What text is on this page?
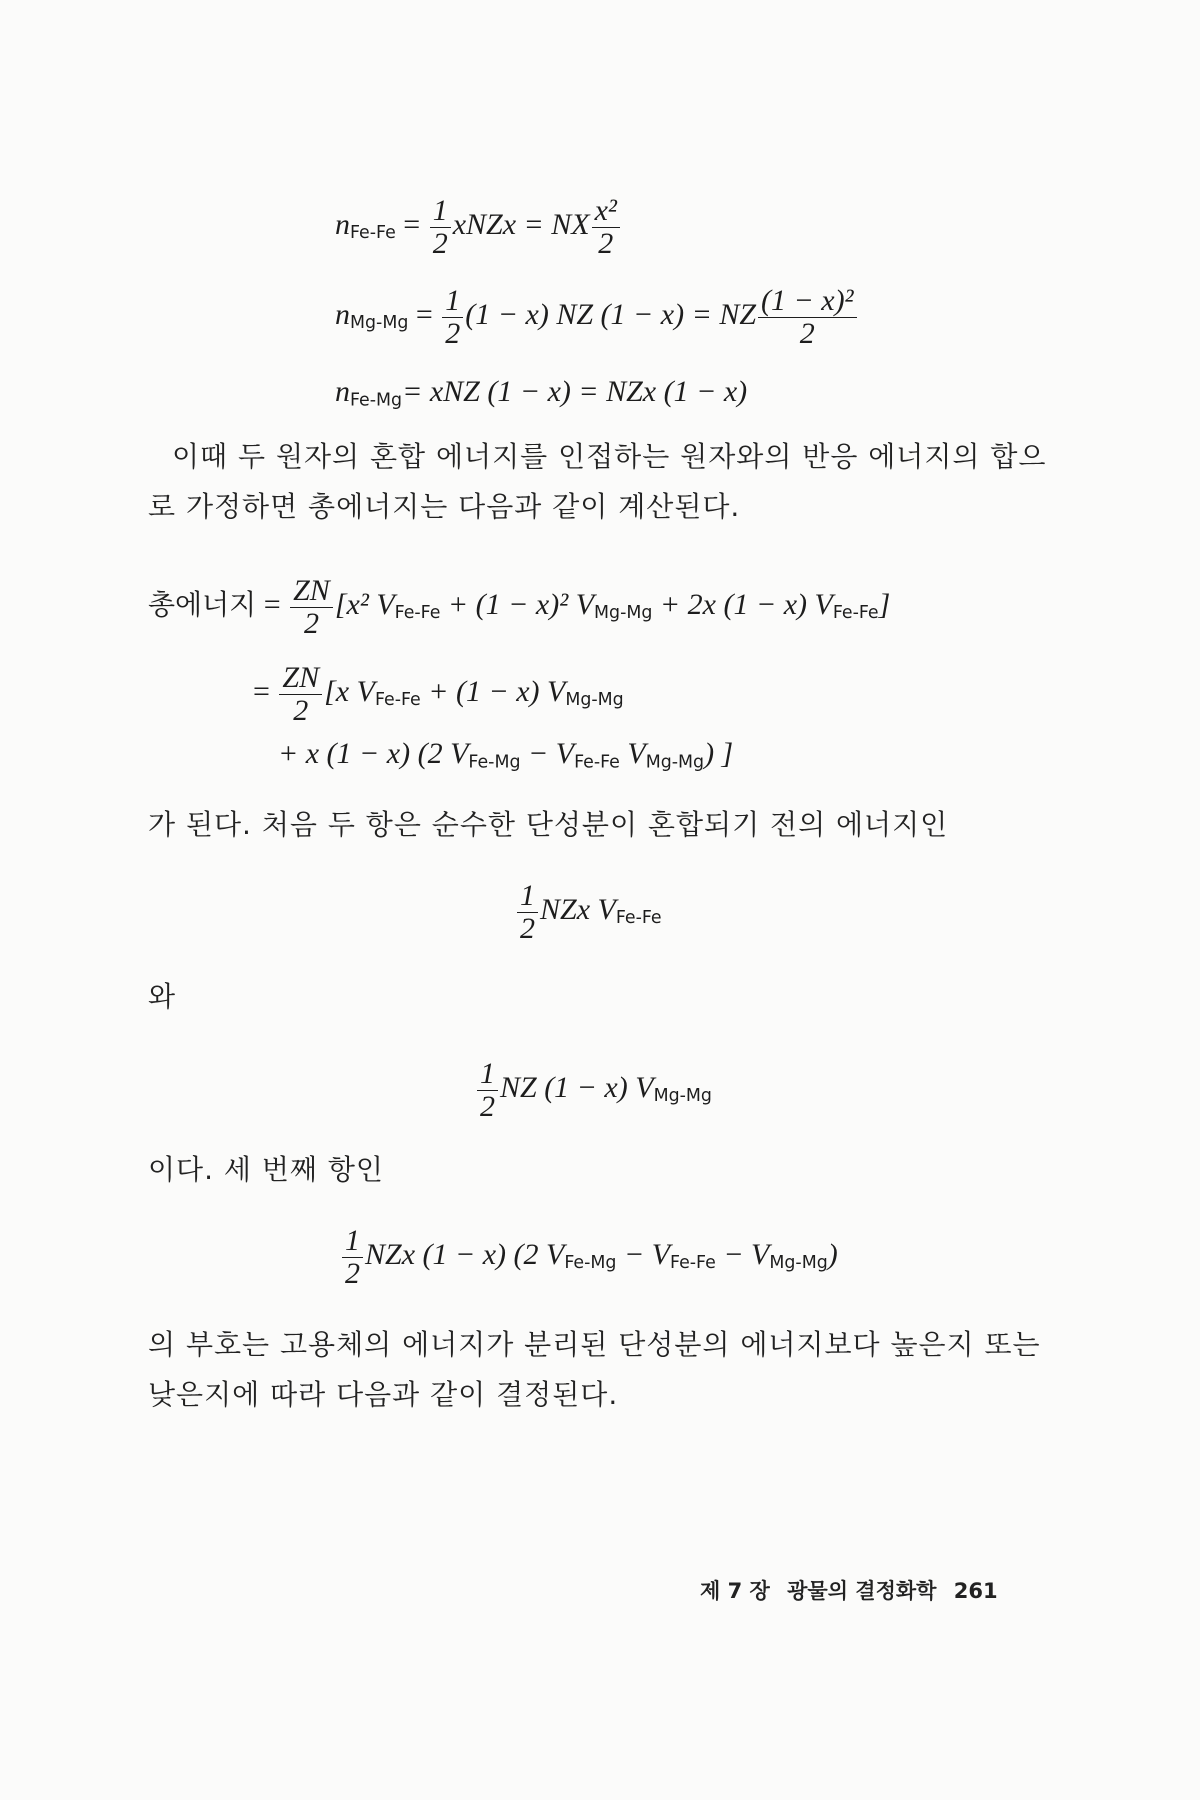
$n_{Fe-Fe} = \frac{1}{2}$ xNZx = NX $\frac{\text{x²}}{2}$
$n_{Mg-Mg} = \frac{1}{2} (1 - x)$ NZ (1 − x) = NZ $\frac{\text{(1 − x)²}}{2}$
$n_{Fe-Mg}=$ xNZ (1 − x) = NZx (1 − x)
이때 두 원자의 혼합 에너지를 인접하는 원자와의 반응 에너지의 합으로 가정하면 총에너지는 다음과 같이 계산된다.
총에너지 = $\frac{ZN}{2} [x^2$ $V_{Fe-Fe} + (1 - x)^2$ $V_{Mg-Mg} + 2x$ (1 − x) $V_{Fe-Fe}$]
= $\frac{ZN}{2} [x$ $V_{Fe-Fe} + (1 - x)$ $V_{Mg-Mg}$
+ x (1 − x) (2 $V_{Fe-Mg} - V_{Fe-Fe}$ $V_{Mg-Mg}$) ]
가 된다. 처음 두 항은 순수한 단성분이 혼합되기 전의 에너지인
$\frac{1}{2}$ NZx $V_{Fe-Fe}$
와
$\frac{1}{2}$ NZ (1 − x) $V_{Mg-Mg}$
이다. 세 번째 항인
$\frac{1}{2}$ NZx (1 − x) (2 $V_{Fe-Mg} - V_{Fe-Fe} - V_{Mg-Mg}$)
의 부호는 고용체의 에너지가 분리된 단성분의 에너지보다 높은지 또는 낮은지에 따라 다음과 같이 결정된다.
제 7 장 광물의 결정화학 261
